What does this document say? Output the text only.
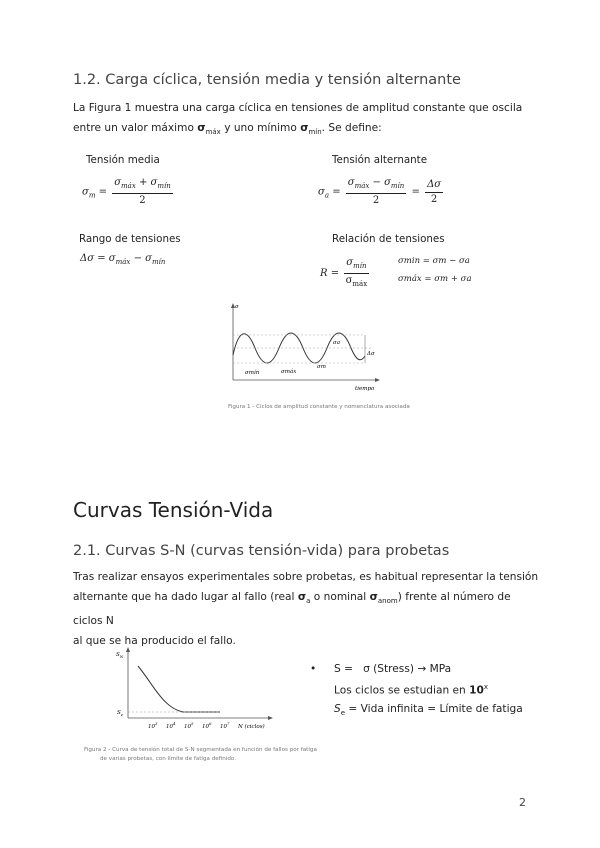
1.2. Carga cíclica, tensión media y tensión alternante
La Figura 1 muestra una carga cíclica en tensiones de amplitud constante que oscila entre un valor máximo $\sigma_{máx}$ y uno mínimo $\sigma_{mín}$. Se define:
Tensión media
$\sigma_m = \frac{\sigma_{máx} + \sigma_{mín}}{2}$
Tensión alternante
$\sigma_a = \frac{\sigma_{máx} - \sigma_{mín}}{2} = \frac{\Delta\sigma}{2}$
Rango de tensiones
$\Delta\sigma = \sigma_{máx} - \sigma_{mín}$
Relación de tensiones
$R = \frac{\sigma_{mín}}{\sigma_{máx}}$	σmin = σm − σa
σmáx = σm + σa
σ
tiempo
Δσ
σa
σmáx
σmín
σm
Figura 1 - Ciclos de amplitud constante y nomenclatura asociada
Curvas Tensión-Vida
2.1. Curvas S-N (curvas tensión-vida) para probetas
Tras realizar ensayos experimentales sobre probetas, es habitual representar la tensión
alternante que ha dado lugar al fallo (real $\sigma_a$ o nominal $\sigma_{anom}$) frente al número de ciclos N
al que se ha producido el fallo.
$S_N$
$S_e$
$10^3$
$10^4$
$10^5$
$10^6$
$10^7$
N (ciclos)
Figura 2 - Curva de tensión total de S-N segmentada en función de fallos por fatiga
de varias probetas, con límite de fatiga definido.
• S = σ (Stress) → MPa
Los ciclos se estudian en 10$^x$
$S_e$ = Vida infinita = Límite de fatiga
2
